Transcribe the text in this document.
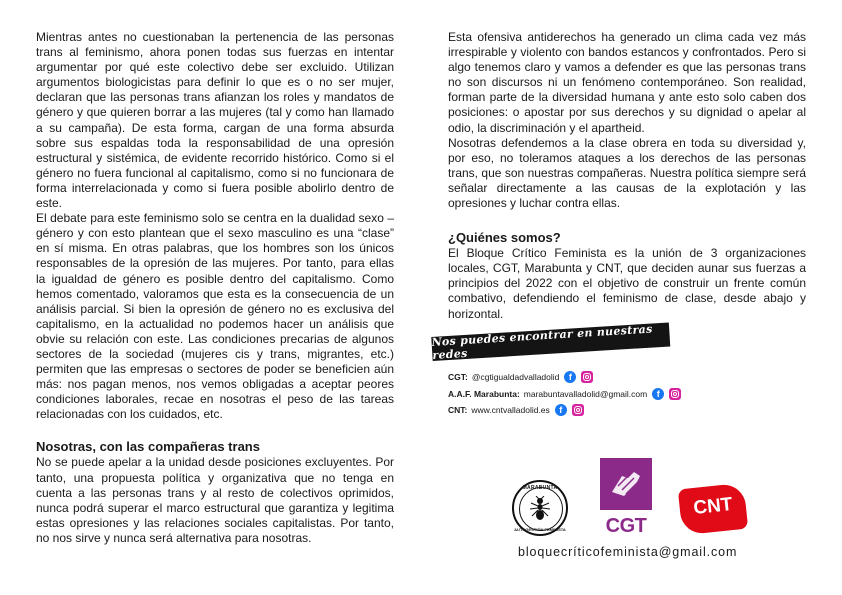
Mientras antes no cuestionaban la pertenencia de las personas trans al feminismo, ahora ponen todas sus fuerzas en intentar argumentar por qué este colectivo debe ser excluido. Utilizan argumentos biologicistas para definir lo que es o no ser mujer, declaran que las personas trans afianzan los roles y mandatos de género y que quieren borrar a las mujeres (tal y como han llamado a su campaña). De esta forma, cargan de una forma absurda sobre sus espaldas toda la responsabilidad de una opresión estructural y sistémica, de evidente recorrido histórico. Como si el género no fuera funcional al capitalismo, como si no funcionara de forma interrelacionada y como si fuera posible abolirlo dentro de este.

El debate para este feminismo solo se centra en la dualidad sexo – género y con esto plantean que el sexo masculino es una “clase” en sí misma. En otras palabras, que los hombres son los únicos responsables de la opresión de las mujeres. Por tanto, para ellas la igualdad de género es posible dentro del capitalismo. Como hemos comentado, valoramos que esta es la consecuencia de un análisis parcial. Si bien la opresión de género no es exclusiva del capitalismo, en la actualidad no podemos hacer un análisis que obvie su relación con este. Las condiciones precarias de algunos sectores de la sociedad (mujeres cis y trans, migrantes, etc.) permiten que las empresas o sectores de poder se beneficien aún más: nos pagan menos, nos vemos obligadas a aceptar peores condiciones laborales, recae en nosotras el peso de las tareas relacionadas con los cuidados, etc.

Nosotras, con las compañeras trans

No se puede apelar a la unidad desde posiciones excluyentes. Por tanto, una propuesta política y organizativa que no tenga en cuenta a las personas trans y al resto de colectivos oprimidos, nunca podrá superar el marco estructural que garantiza y legitima estas opresiones y las relaciones sociales capitalistas. Por tanto, no nos sirve y nunca será alternativa para nosotras.

Esta ofensiva antiderechos ha generado un clima cada vez más irrespirable y violento con bandos estancos y confrontados. Pero si algo tenemos claro y vamos a defender es que las personas trans no son discursos ni un fenómeno contemporáneo. Son realidad, forman parte de la diversidad humana y ante esto solo caben dos posiciones: o apostar por sus derechos y su dignidad o apelar al odio, la discriminación y el apartheid.

Nosotras defendemos a la clase obrera en toda su diversidad y, por eso, no toleramos ataques a los derechos de las personas trans, que son nuestras compañeras. Nuestra política siempre será señalar directamente a las causas de la explotación y las opresiones y luchar contra ellas.

¿Quiénes somos?

El Bloque Crítico Feminista es la unión de 3 organizaciones locales, CGT, Marabunta y CNT, que deciden aunar sus fuerzas a principios del 2022 con el objetivo de construir un frente común combativo, defendiendo el feminismo de clase, desde abajo y horizontal.

Nos puedes encontrar en nuestras redes
CGT: @cgtigualdadvalladolid	f
A.A.F. Marabunta: marabuntavalladolid@gmail.com	f
CNT: www.cntvalladolid.es	f
MARABUNTA
AUTOGESTIÓN FEMINISTA CGT
CNT
bloquecríticofeminista@gmail.com
